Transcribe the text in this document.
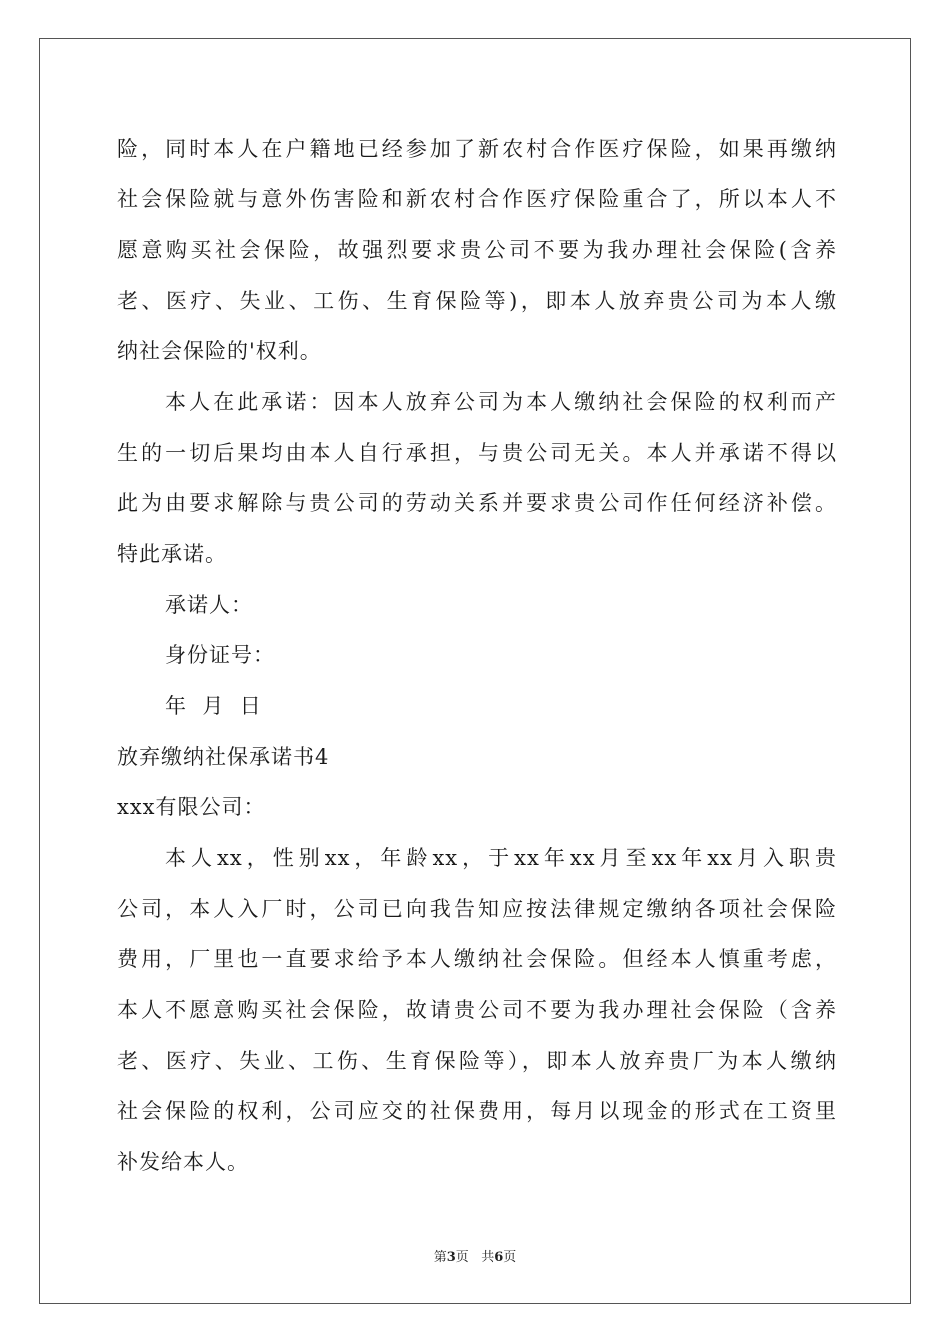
险，同时本人在户籍地已经参加了新农村合作医疗保险，如果再缴纳
社会保险就与意外伤害险和新农村合作医疗保险重合了，所以本人不
愿意购买社会保险，故强烈要求贵公司不要为我办理社会保险(含养
老、医疗、失业、工伤、生育保险等)，即本人放弃贵公司为本人缴
纳社会保险的'权利。
本人在此承诺：因本人放弃公司为本人缴纳社会保险的权利而产
生的一切后果均由本人自行承担，与贵公司无关。本人并承诺不得以
此为由要求解除与贵公司的劳动关系并要求贵公司作任何经济补偿。
特此承诺。
承诺人：
身份证号：
年  月  日
放弃缴纳社保承诺书4
xxx有限公司：
本人xx，性别xx，年龄xx，于xx年xx月至xx年xx月入职贵
公司，本人入厂时，公司已向我告知应按法律规定缴纳各项社会保险
费用，厂里也一直要求给予本人缴纳社会保险。但经本人慎重考虑，
本人不愿意购买社会保险，故请贵公司不要为我办理社会保险（含养
老、医疗、失业、工伤、生育保险等），即本人放弃贵厂为本人缴纳
社会保险的权利，公司应交的社保费用，每月以现金的形式在工资里
补发给本人。
第3页   共6页
